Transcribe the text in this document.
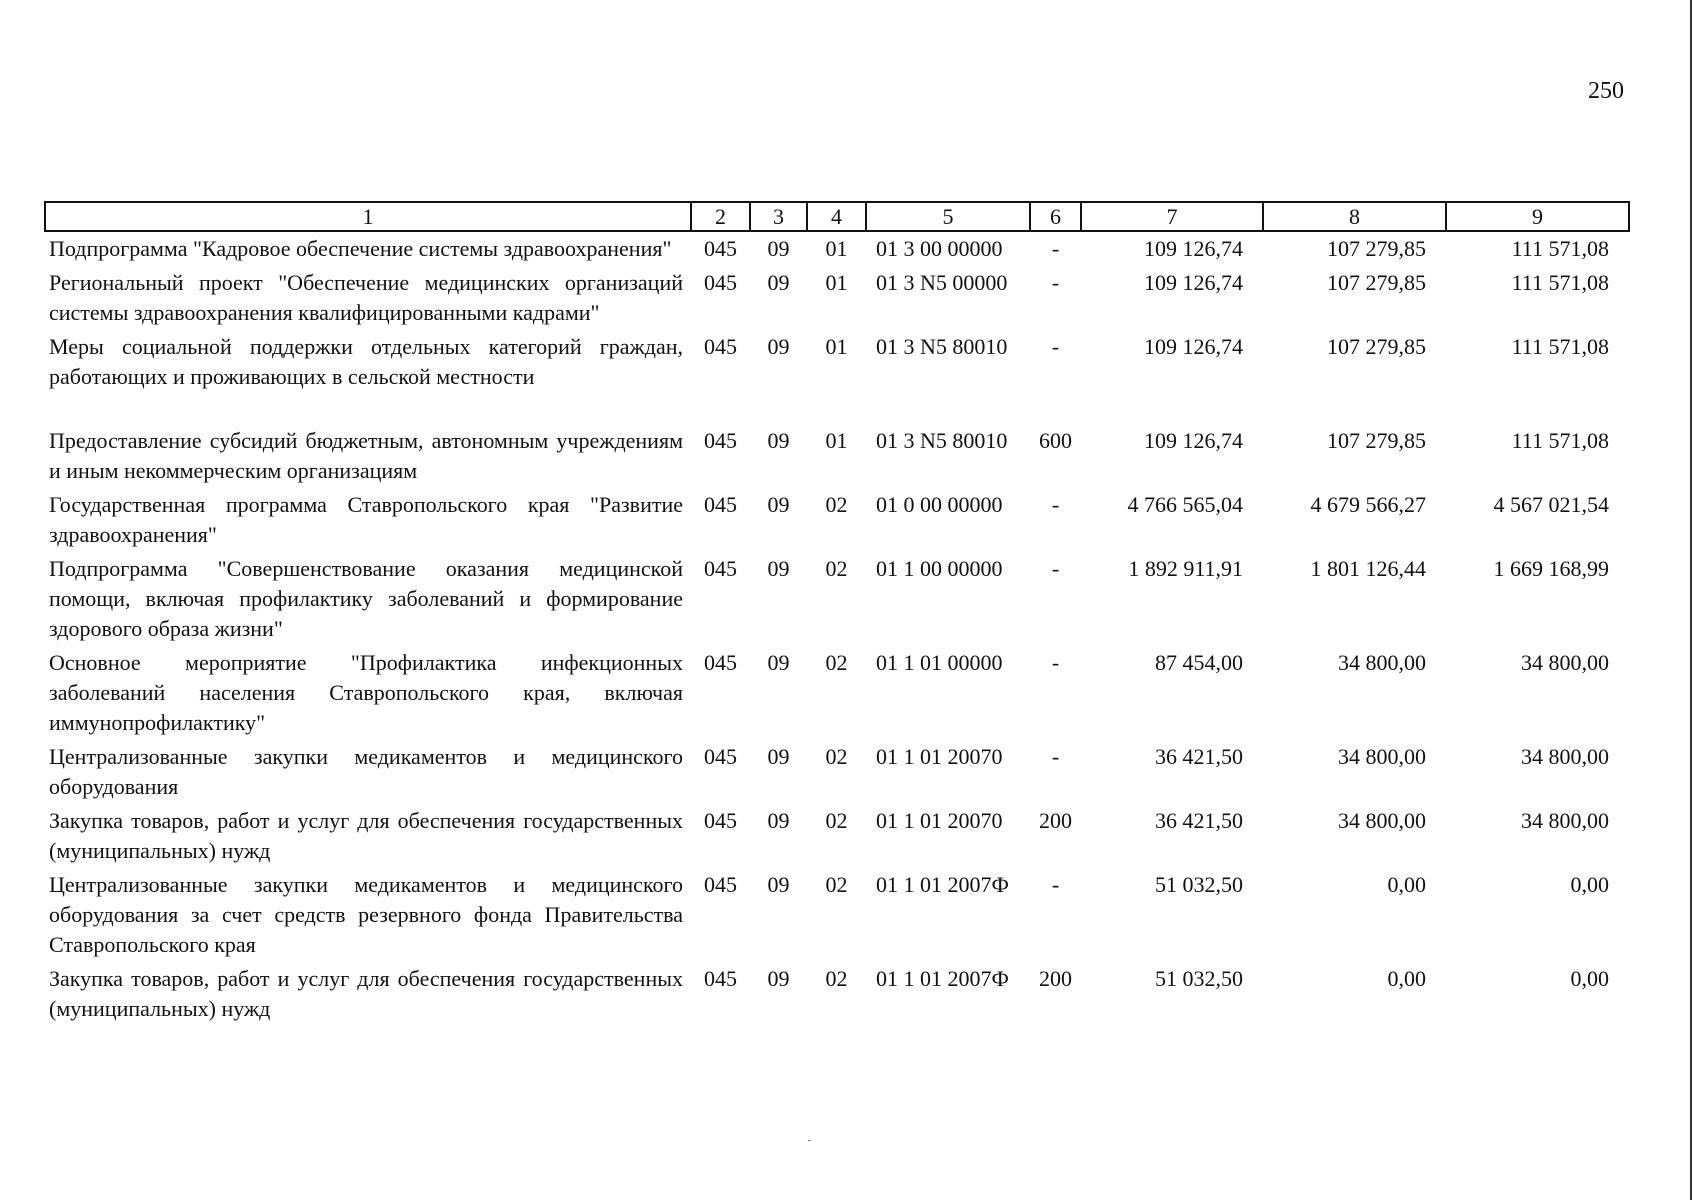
250
1	2	3	4	5	6	7	8	9
Подпрограмма "Кадровое обеспечение системы здравоохранения"	045	09	01	01 3 00 00000	-	109 126,74	107 279,85	111 571,08
Региональный проект "Обеспечение медицинских организаций системы здравоохранения квалифицированными кадрами"	045	09	01	01 3 N5 00000	-	109 126,74	107 279,85	111 571,08
Меры социальной поддержки отдельных категорий граждан, работающих и проживающих в сельской местности	045	09	01	01 3 N5 80010	-	109 126,74	107 279,85	111 571,08
Предоставление субсидий бюджетным, автономным учреждениям и иным некоммерческим организациям	045	09	01	01 3 N5 80010	600	109 126,74	107 279,85	111 571,08
Государственная программа Ставропольского края "Развитие здравоохранения"	045	09	02	01 0 00 00000	-	4 766 565,04	4 679 566,27	4 567 021,54
Подпрограмма "Совершенствование оказания медицинской помощи, включая профилактику заболеваний и формирование здорового образа жизни"	045	09	02	01 1 00 00000	-	1 892 911,91	1 801 126,44	1 669 168,99
Основное мероприятие "Профилактика инфекционных заболеваний населения Ставропольского края, включая иммунопрофилактику"	045	09	02	01 1 01 00000	-	87 454,00	34 800,00	34 800,00
Централизованные закупки медикаментов и медицинского оборудования	045	09	02	01 1 01 20070	-	36 421,50	34 800,00	34 800,00
Закупка товаров, работ и услуг для обеспечения государственных (муниципальных) нужд	045	09	02	01 1 01 20070	200	36 421,50	34 800,00	34 800,00
Централизованные закупки медикаментов и медицинского оборудования за счет средств резервного фонда Правительства Ставропольского края	045	09	02	01 1 01 2007Ф	-	51 032,50	0,00	0,00
Закупка товаров, работ и услуг для обеспечения государственных (муниципальных) нужд	045	09	02	01 1 01 2007Ф	200	51 032,50	0,00	0,00
